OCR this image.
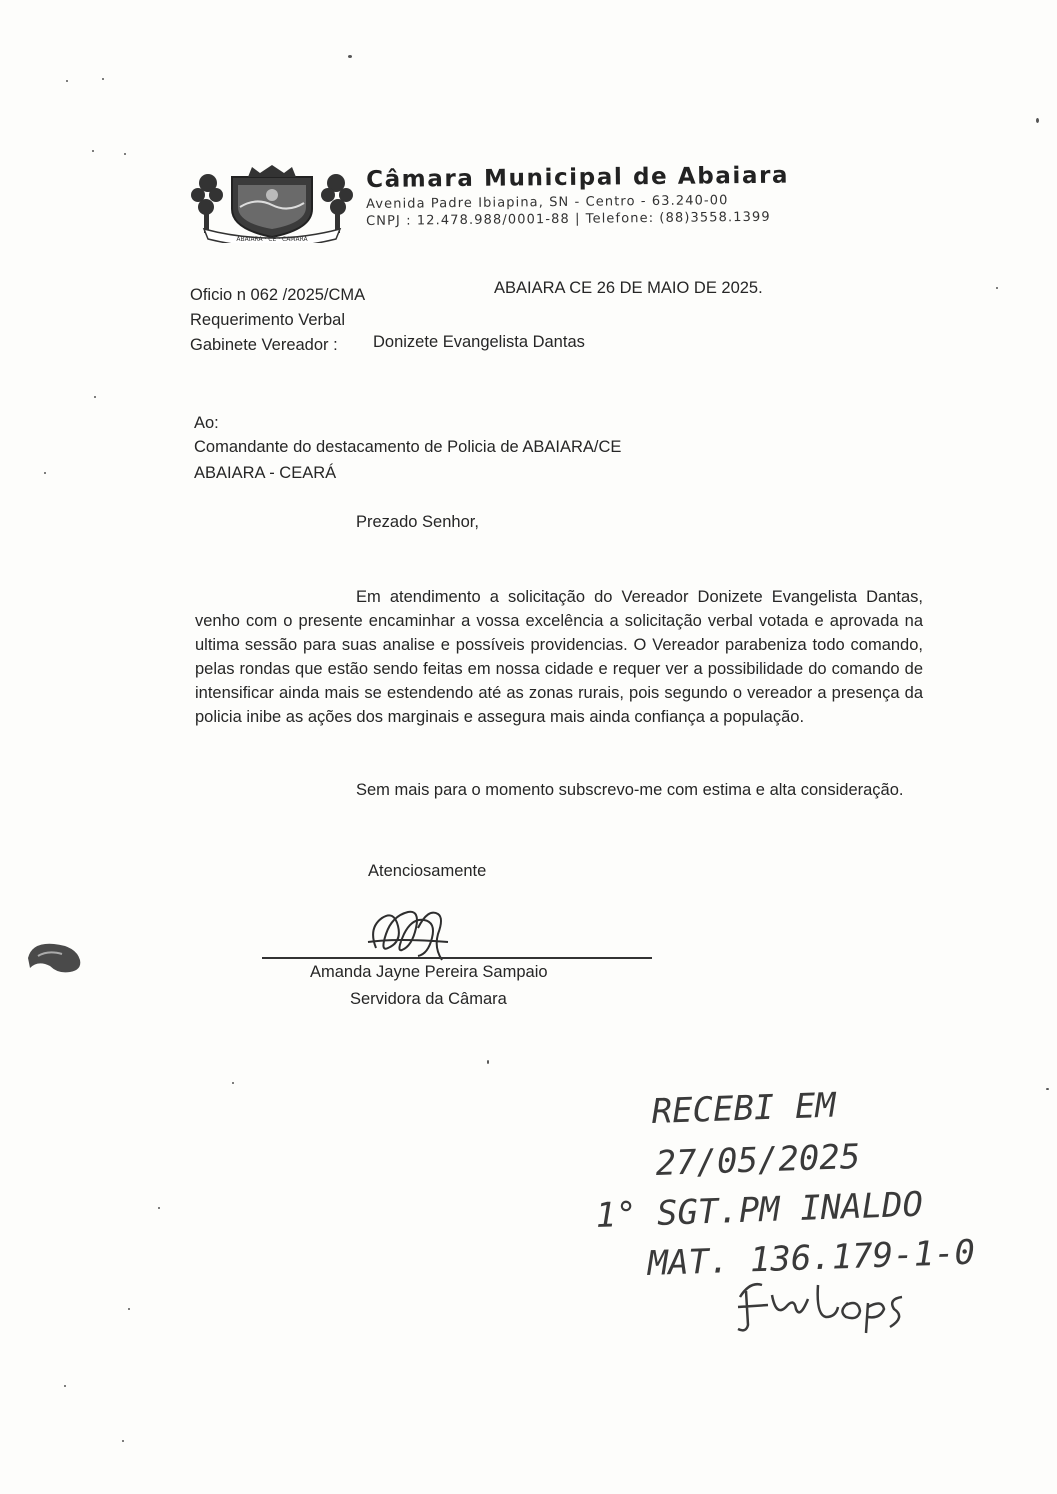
ABAIARA · CE · CAMARA
Câmara Municipal de Abaiara
Avenida Padre Ibiapina, SN - Centro - 63.240-00
CNPJ : 12.478.988/0001-88 | Telefone: (88)3558.1399
Oficio n 062 /2025/CMA	ABAIARA CE 26 DE MAIO DE 2025.
Requerimento Verbal
Gabinete Vereador : Donizete Evangelista Dantas
Ao:
Comandante do destacamento de Policia de ABAIARA/CE
ABAIARA - CEARÁ
Prezado Senhor,
Em atendimento a solicitação do Vereador Donizete Evangelista Dantas, venho com o presente encaminhar a vossa excelência a solicitação verbal votada e aprovada na ultima sessão para suas analise e possíveis providencias. O Vereador parabeniza todo comando, pelas rondas que estão sendo feitas em nossa cidade e requer ver a possibilidade do comando de intensificar ainda mais se estendendo até as zonas rurais, pois segundo o vereador a presença da policia inibe as ações dos marginais e assegura mais ainda confiança a população.
Sem mais para o momento subscrevo-me com estima e alta consideração.
Atenciosamente
Amanda Jayne Pereira Sampaio
Servidora da Câmara
RECEBI EM
27/05/2025
1° SGT.PM INALDO
MAT. 136.179-1-0
